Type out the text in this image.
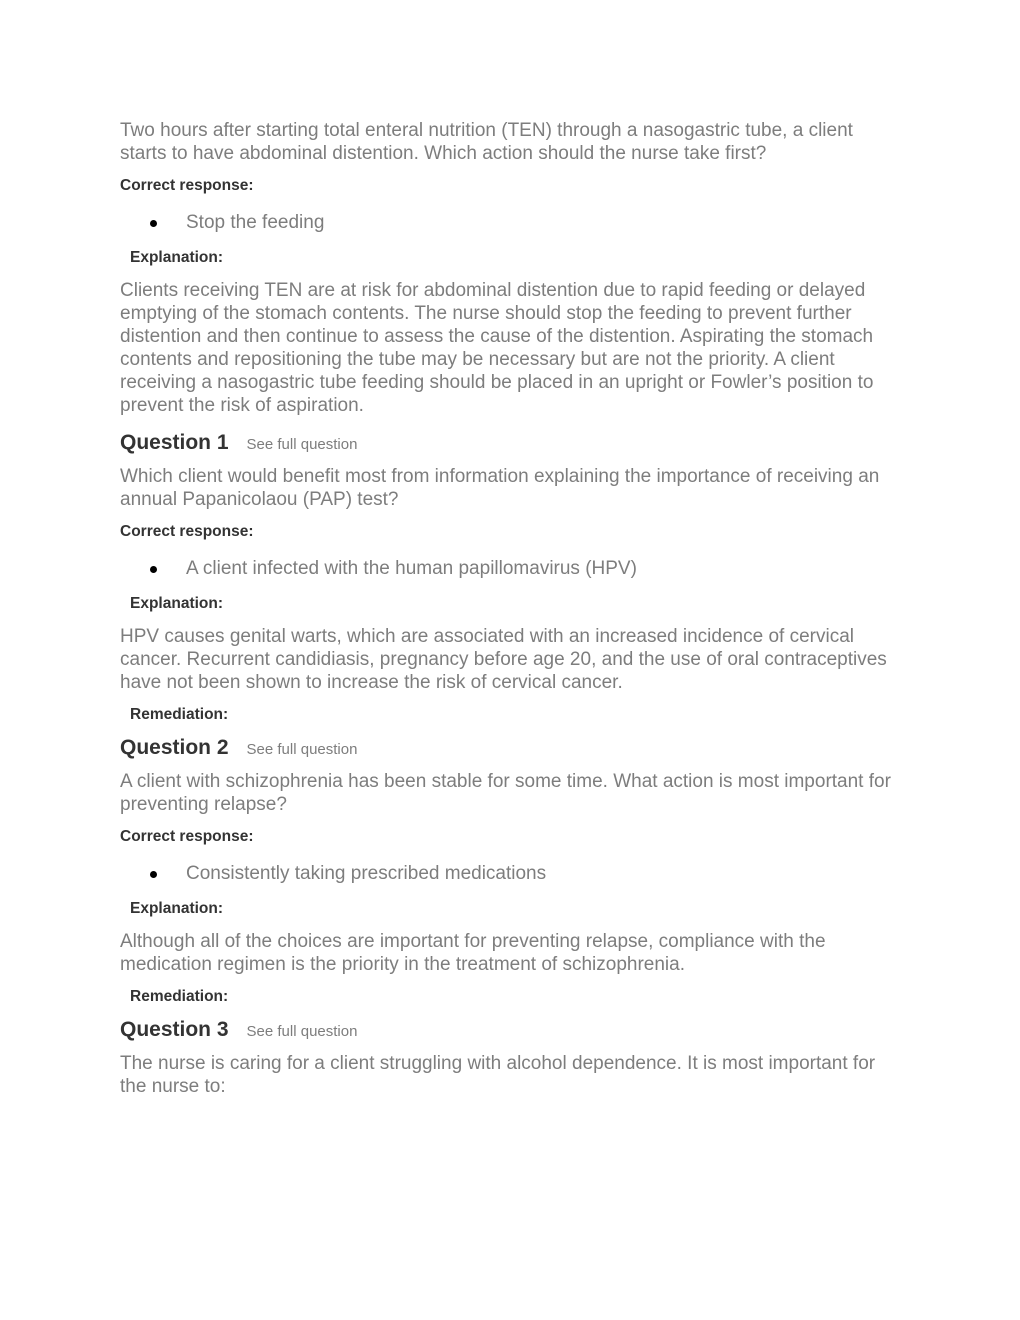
Two hours after starting total enteral nutrition (TEN) through a nasogastric tube, a client starts to have abdominal distention. Which action should the nurse take first?

Correct response:

Stop the feeding

Explanation:

Clients receiving TEN are at risk for abdominal distention due to rapid feeding or delayed emptying of the stomach contents. The nurse should stop the feeding to prevent further distention and then continue to assess the cause of the distention. Aspirating the stomach contents and repositioning the tube may be necessary but are not the priority. A client receiving a nasogastric tube feeding should be placed in an upright or Fowler’s position to prevent the risk of aspiration.

Question 1 See full question

Which client would benefit most from information explaining the importance of receiving an annual Papanicolaou (PAP) test?

Correct response:

A client infected with the human papillomavirus (HPV)

Explanation:

HPV causes genital warts, which are associated with an increased incidence of cervical cancer. Recurrent candidiasis, pregnancy before age 20, and the use of oral contraceptives have not been shown to increase the risk of cervical cancer.

Remediation:

Question 2 See full question

A client with schizophrenia has been stable for some time. What action is most important for preventing relapse?

Correct response:

Consistently taking prescribed medications

Explanation:

Although all of the choices are important for preventing relapse, compliance with the medication regimen is the priority in the treatment of schizophrenia.

Remediation:

Question 3 See full question

The nurse is caring for a client struggling with alcohol dependence. It is most important for the nurse to:
